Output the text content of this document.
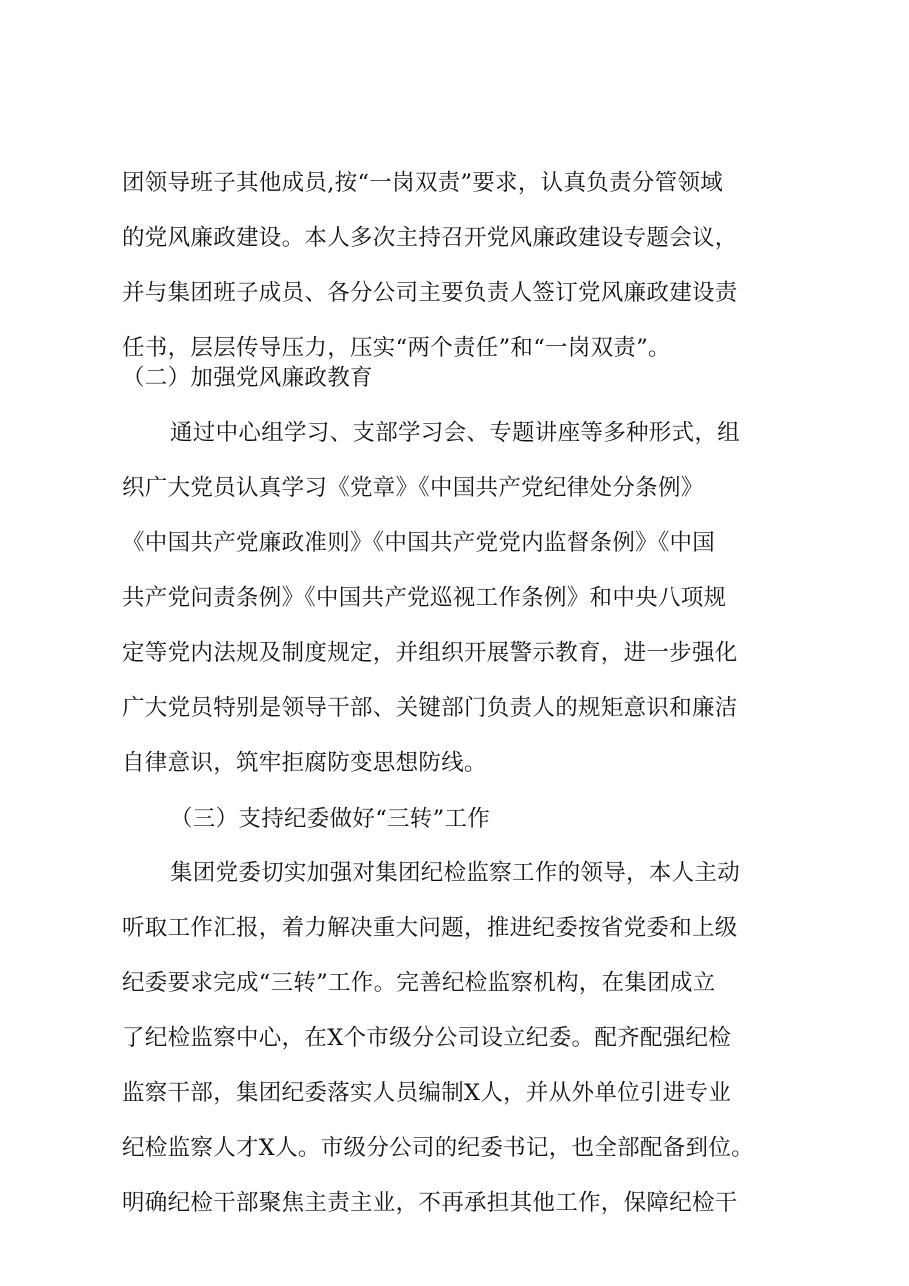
团领导班子其他成员,按“一岗双责”要求，认真负责分管领域
的党风廉政建设。本人多次主持召开党风廉政建设专题会议，
并与集团班子成员、各分公司主要负责人签订党风廉政建设责
任书，层层传导压力，压实“两个责任”和“一岗双责”。
（二）加强党风廉政教育
通过中心组学习、支部学习会、专题讲座等多种形式，组
织广大党员认真学习《党章》《中国共产党纪律处分条例》
《中国共产党廉政准则》《中国共产党党内监督条例》《中国
共产党问责条例》《中国共产党巡视工作条例》和中央八项规
定等党内法规及制度规定，并组织开展警示教育，进一步强化
广大党员特别是领导干部、关键部门负责人的规矩意识和廉洁
自律意识，筑牢拒腐防变思想防线。
（三）支持纪委做好“三转”工作
集团党委切实加强对集团纪检监察工作的领导，本人主动
听取工作汇报，着力解决重大问题，推进纪委按省党委和上级
纪委要求完成“三转”工作。完善纪检监察机构，在集团成立
了纪检监察中心，在X个市级分公司设立纪委。配齐配强纪检
监察干部，集团纪委落实人员编制X人，并从外单位引进专业
纪检监察人才X人。市级分公司的纪委书记，也全部配备到位。
明确纪检干部聚焦主责主业，不再承担其他工作，保障纪检干
